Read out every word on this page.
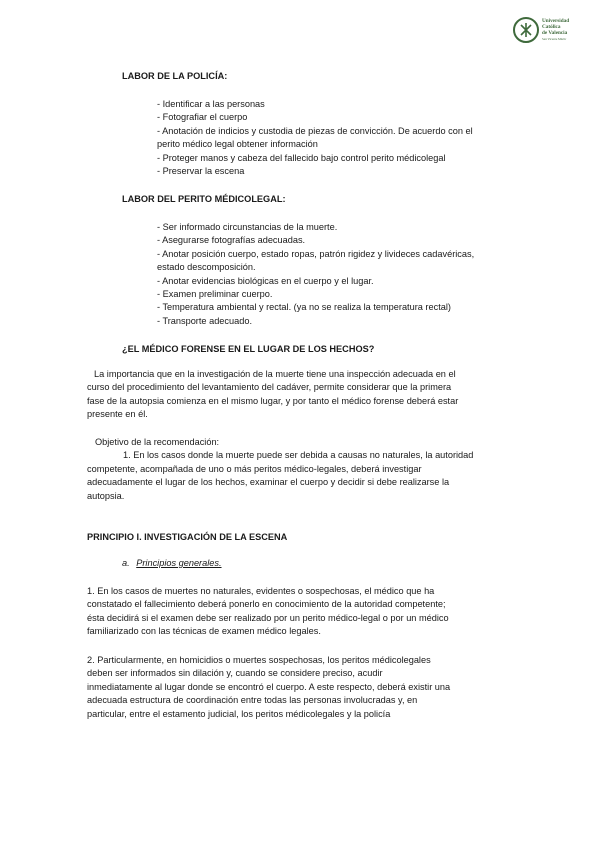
Universidad
Católica
de Valencia
San Vicente Mártir
LABOR DE LA POLICÍA:

- Identificar a las personas

- Fotografiar el cuerpo

- Anotación de indicios y custodia de piezas de convicción. De acuerdo con el

perito médico legal obtener información

- Proteger manos y cabeza del fallecido bajo control perito médicolegal

- Preservar la escena

LABOR DEL PERITO MÉDICOLEGAL:

- Ser informado circunstancias de la muerte.

- Asegurarse fotografías adecuadas.

- Anotar posición cuerpo, estado ropas, patrón rigidez y livideces cadavéricas,

estado descomposición.

- Anotar evidencias biológicas en el cuerpo y el lugar.

- Examen preliminar cuerpo.

- Temperatura ambiental y rectal. (ya no se realiza la temperatura rectal)

- Transporte adecuado.

¿EL MÉDICO FORENSE EN EL LUGAR DE LOS HECHOS?

La importancia que en la investigación de la muerte tiene una inspección adecuada en el

curso del procedimiento del levantamiento del cadáver, permite considerar que la primera

fase de la autopsia comienza en el mismo lugar, y por tanto el médico forense deberá estar

presente en él.

Objetivo de la recomendación:

1. En los casos donde la muerte puede ser debida a causas no naturales, la autoridad

competente, acompañada de uno o más peritos médico-legales, deberá investigar

adecuadamente el lugar de los hechos, examinar el cuerpo y decidir si debe realizarse la

autopsia.

PRINCIPIO I. INVESTIGACIÓN DE LA ESCENA
a. Principios generales.

1. En los casos de muertes no naturales, evidentes o sospechosas, el médico que ha

constatado el fallecimiento deberá ponerlo en conocimiento de la autoridad competente;

ésta decidirá si el examen debe ser realizado por un perito médico-legal o por un médico

familiarizado con las técnicas de examen médico legales.

2. Particularmente, en homicidios o muertes sospechosas, los peritos médicolegales

deben ser informados sin dilación y, cuando se considere preciso, acudir

inmediatamente al lugar donde se encontró el cuerpo. A este respecto, deberá existir una

adecuada estructura de coordinación entre todas las personas involucradas y, en

particular, entre el estamento judicial, los peritos médicolegales y la policía
